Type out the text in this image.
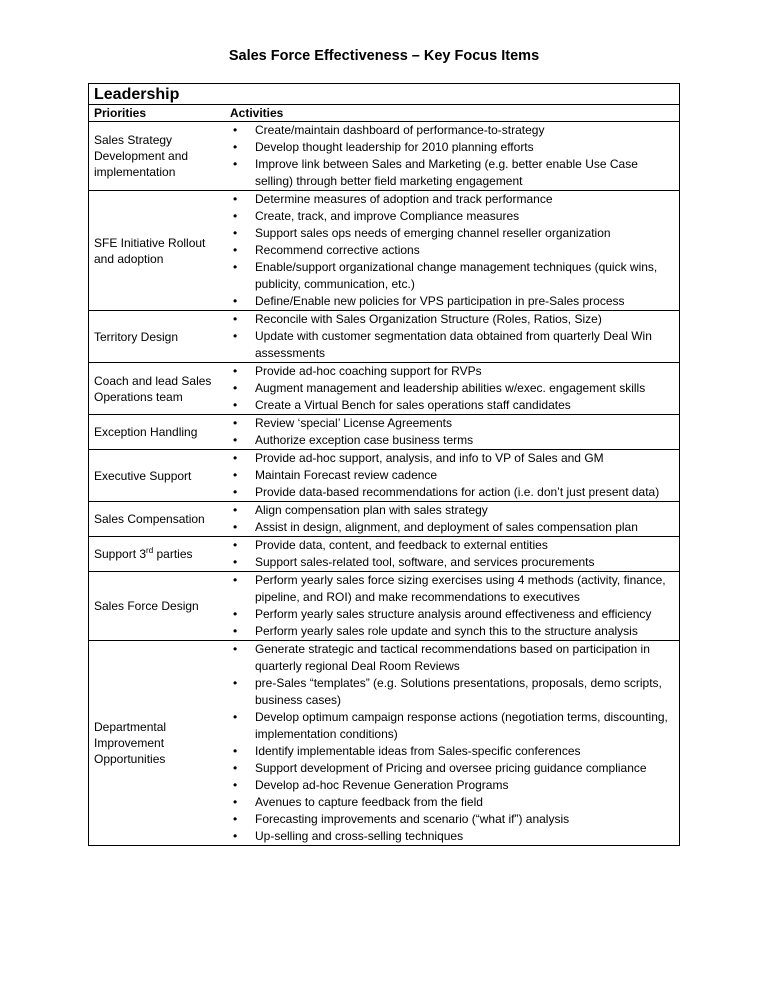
Sales Force Effectiveness – Key Focus Items
Leadership
Priorities	Activities
Sales Strategy Development and implementation
• Create/maintain dashboard of performance-to-strategy
• Develop thought leadership for 2010 planning efforts
• Improve link between Sales and Marketing (e.g. better enable Use Case selling) through better field marketing engagement
SFE Initiative Rollout and adoption
• Determine measures of adoption and track performance
• Create, track, and improve Compliance measures
• Support sales ops needs of emerging channel reseller organization
• Recommend corrective actions
• Enable/support organizational change management techniques (quick wins, publicity, communication, etc.)
• Define/Enable new policies for VPS participation in pre-Sales process
Territory Design
• Reconcile with Sales Organization Structure (Roles, Ratios, Size)
• Update with customer segmentation data obtained from quarterly Deal Win assessments
Coach and lead Sales Operations team
• Provide ad-hoc coaching support for RVPs
• Augment management and leadership abilities w/exec. engagement skills
• Create a Virtual Bench for sales operations staff candidates
Exception Handling
• Review ‘special’ License Agreements
• Authorize exception case business terms
Executive Support
• Provide ad-hoc support, analysis, and info to VP of Sales and GM
• Maintain Forecast review cadence
• Provide data-based recommendations for action (i.e. don’t just present data)
Sales Compensation
• Align compensation plan with sales strategy
• Assist in design, alignment, and deployment of sales compensation plan
Support 3rd parties
• Provide data, content, and feedback to external entities
• Support sales-related tool, software, and services procurements
Sales Force Design
• Perform yearly sales force sizing exercises using 4 methods (activity, finance, pipeline, and ROI) and make recommendations to executives
• Perform yearly sales structure analysis around effectiveness and efficiency
• Perform yearly sales role update and synch this to the structure analysis
Departmental Improvement Opportunities
• Generate strategic and tactical recommendations based on participation in quarterly regional Deal Room Reviews
• pre-Sales “templates” (e.g. Solutions presentations, proposals, demo scripts, business cases)
• Develop optimum campaign response actions (negotiation terms, discounting, implementation conditions)
• Identify implementable ideas from Sales-specific conferences
• Support development of Pricing and oversee pricing guidance compliance
• Develop ad-hoc Revenue Generation Programs
• Avenues to capture feedback from the field
• Forecasting improvements and scenario (“what if”) analysis
• Up-selling and cross-selling techniques
